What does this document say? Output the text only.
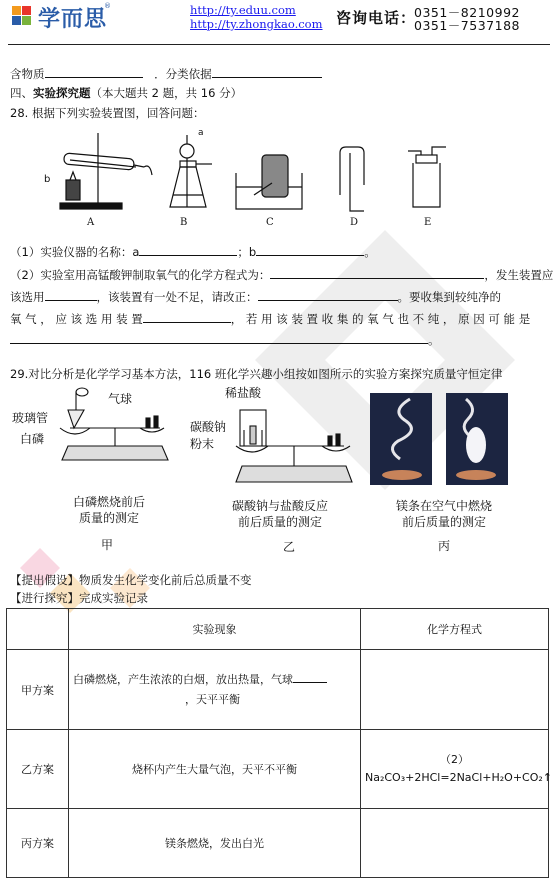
学而思
®	http://ty.eduu.com
http://ty.zhongkao.com 咨询电话：
0351－8210992
0351－7537188
含物质	．分类依据
四、实验探究题（本大题共 2 题，共 16 分）
28. 根据下列实验装置图，回答问题：
a
b
A	B	C	D	E
（1）实验仪器的名称：a	；b	。
（2）实验室用高锰酸钾制取氧气的化学方程式为：	，发生装置应
该选用	，该装置有一处不足，请改正：	。要收集到较纯净的
氧 气 ， 应 该 选 用 装 置	， 若 用 该 装 置 收 集 的 氧 气 也 不 纯 ， 原 因 可 能 是
。
29.对比分析是化学学习基本方法，116 班化学兴趣小组按如图所示的实验方案探究质量守恒定律
气球
玻璃管
白磷
白磷燃烧前后
质量的测定
甲
稀盐酸
碳酸钠
粉末
碳酸钠与盐酸反应
前后质量的测定
乙
镁条在空气中燃烧
前后质量的测定
丙
【提出假设】物质发生化学变化前后总质量不变
【进行探究】完成实验记录
	实验现象	化学方程式
甲方案	白磷燃烧，产生浓浓的白烟，放出热量，气球
，天平平衡	
乙方案	烧杯内产生大量气泡，天平不平衡	（2）Na₂CO₃+2HCl=2NaCl+H₂O+CO₂↑
丙方案	镁条燃烧，发出白光	
